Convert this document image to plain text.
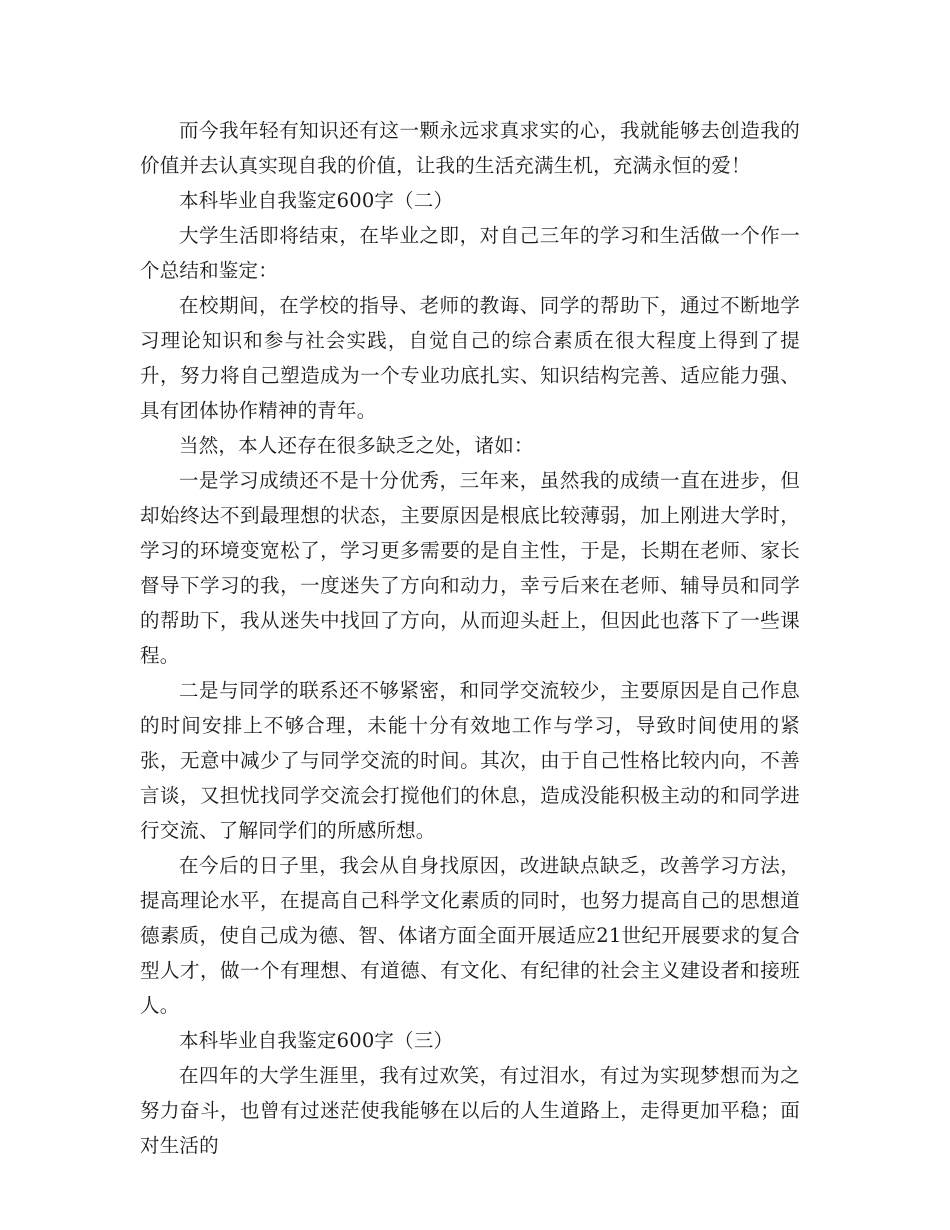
而今我年轻有知识还有这一颗永远求真求实的心，我就能够去创造我的价值并去认真实现自我的价值，让我的生活充满生机，充满永恒的爱！

本科毕业自我鉴定600字（二）

大学生活即将结束，在毕业之即，对自己三年的学习和生活做一个作一个总结和鉴定：

在校期间，在学校的指导、老师的教诲、同学的帮助下，通过不断地学习理论知识和参与社会实践，自觉自己的综合素质在很大程度上得到了提升，努力将自己塑造成为一个专业功底扎实、知识结构完善、适应能力强、具有团体协作精神的青年。

当然，本人还存在很多缺乏之处，诸如：

一是学习成绩还不是十分优秀，三年来，虽然我的成绩一直在进步，但却始终达不到最理想的状态，主要原因是根底比较薄弱，加上刚进大学时，学习的环境变宽松了，学习更多需要的是自主性，于是，长期在老师、家长督导下学习的我，一度迷失了方向和动力，幸亏后来在老师、辅导员和同学的帮助下，我从迷失中找回了方向，从而迎头赶上，但因此也落下了一些课程。

二是与同学的联系还不够紧密，和同学交流较少，主要原因是自己作息的时间安排上不够合理，未能十分有效地工作与学习，导致时间使用的紧张，无意中减少了与同学交流的时间。其次，由于自己性格比较内向，不善言谈，又担忧找同学交流会打搅他们的休息，造成没能积极主动的和同学进行交流、了解同学们的所感所想。

在今后的日子里，我会从自身找原因，改进缺点缺乏，改善学习方法，提高理论水平，在提高自己科学文化素质的同时，也努力提高自己的思想道德素质，使自己成为德、智、体诸方面全面开展适应21世纪开展要求的复合型人才，做一个有理想、有道德、有文化、有纪律的社会主义建设者和接班人。

本科毕业自我鉴定600字（三）

在四年的大学生涯里，我有过欢笑，有过泪水，有过为实现梦想而为之努力奋斗，也曾有过迷茫使我能够在以后的人生道路上，走得更加平稳；面对生活的
